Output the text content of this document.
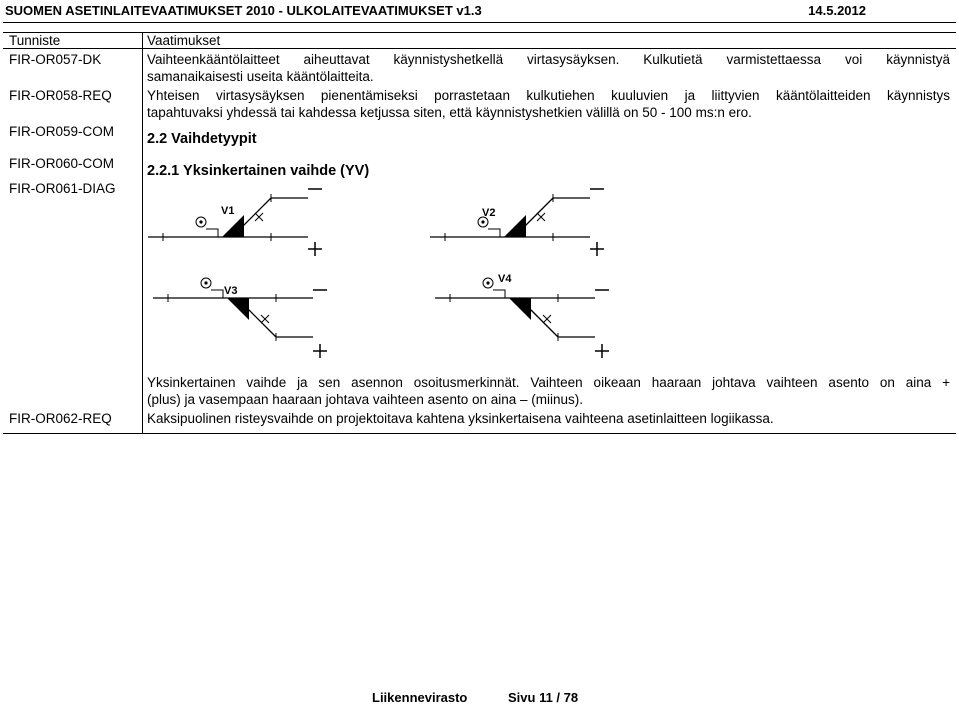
SUOMEN ASETINLAITEVAATIMUKSET 2010 - ULKOLAITEVAATIMUKSET v1.3	14.5.2012
Tunniste	Vaatimukset
FIR-OR057-DK	Vaihteenkääntölaitteet aiheuttavat käynnistyshetkellä virtasysäyksen. Kulkutietä varmistettaessa voi käynnistyä
samanaikaisesti useita kääntölaitteita.
FIR-OR058-REQ	Yhteisen virtasysäyksen pienentämiseksi porrastetaan kulkutiehen kuuluvien ja liittyvien kääntölaitteiden käynnistys
tapahtuvaksi yhdessä tai kahdessa ketjussa siten, että käynnistyshetkien välillä on 50 - 100 ms:n ero.
FIR-OR059-COM 2.2 Vaihdetyypit
FIR-OR060-COM 2.2.1 Yksinkertainen vaihde (YV)
FIR-OR061-DIAG
V1	V2
V3
V4
Yksinkertainen vaihde ja sen asennon osoitusmerkinnät. Vaihteen oikeaan haaraan johtava vaihteen asento on aina +
(plus) ja vasempaan haaraan johtava vaihteen asento on aina – (miinus).
FIR-OR062-REQ	Kaksipuolinen risteysvaihde on projektoitava kahtena yksinkertaisena vaihteena asetinlaitteen logiikassa.
Liikennevirasto	Sivu 11 / 78
